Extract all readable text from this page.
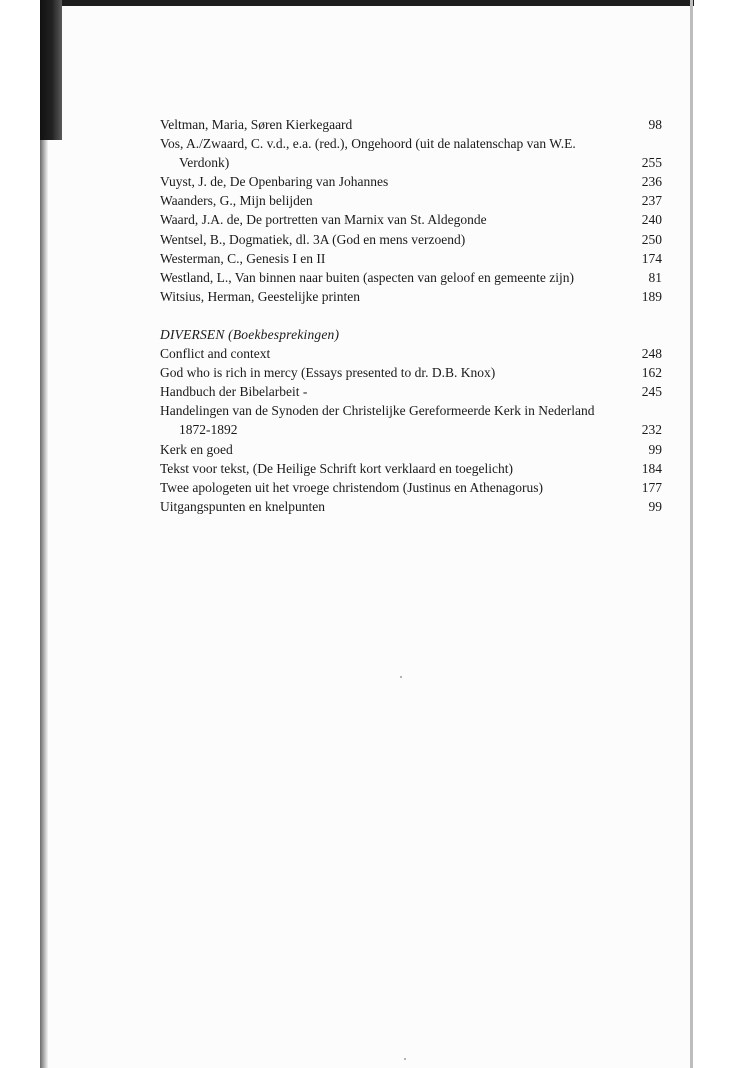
Veltman, Maria, Søren Kierkegaard	98
Vos, A./Zwaard, C. v.d., e.a. (red.), Ongehoord (uit de nalatenschap van W.E. Verdonk)	255
Vuyst, J. de, De Openbaring van Johannes	236
Waanders, G., Mijn belijden	237
Waard, J.A. de, De portretten van Marnix van St. Aldegonde	240
Wentsel, B., Dogmatiek, dl. 3A (God en mens verzoend)	250
Westerman, C., Genesis I en II	174
Westland, L., Van binnen naar buiten (aspecten van geloof en gemeente zijn)	81
Witsius, Herman, Geestelijke printen	189
DIVERSEN (Boekbesprekingen)
Conflict and context	248
God who is rich in mercy (Essays presented to dr. D.B. Knox)	162
Handbuch der Bibelarbeit -	245
Handelingen van de Synoden der Christelijke Gereformeerde Kerk in Nederland 1872-1892	232
Kerk en goed	99
Tekst voor tekst, (De Heilige Schrift kort verklaard en toegelicht)	184
Twee apologeten uit het vroege christendom (Justinus en Athenagorus)	177
Uitgangspunten en knelpunten	99
